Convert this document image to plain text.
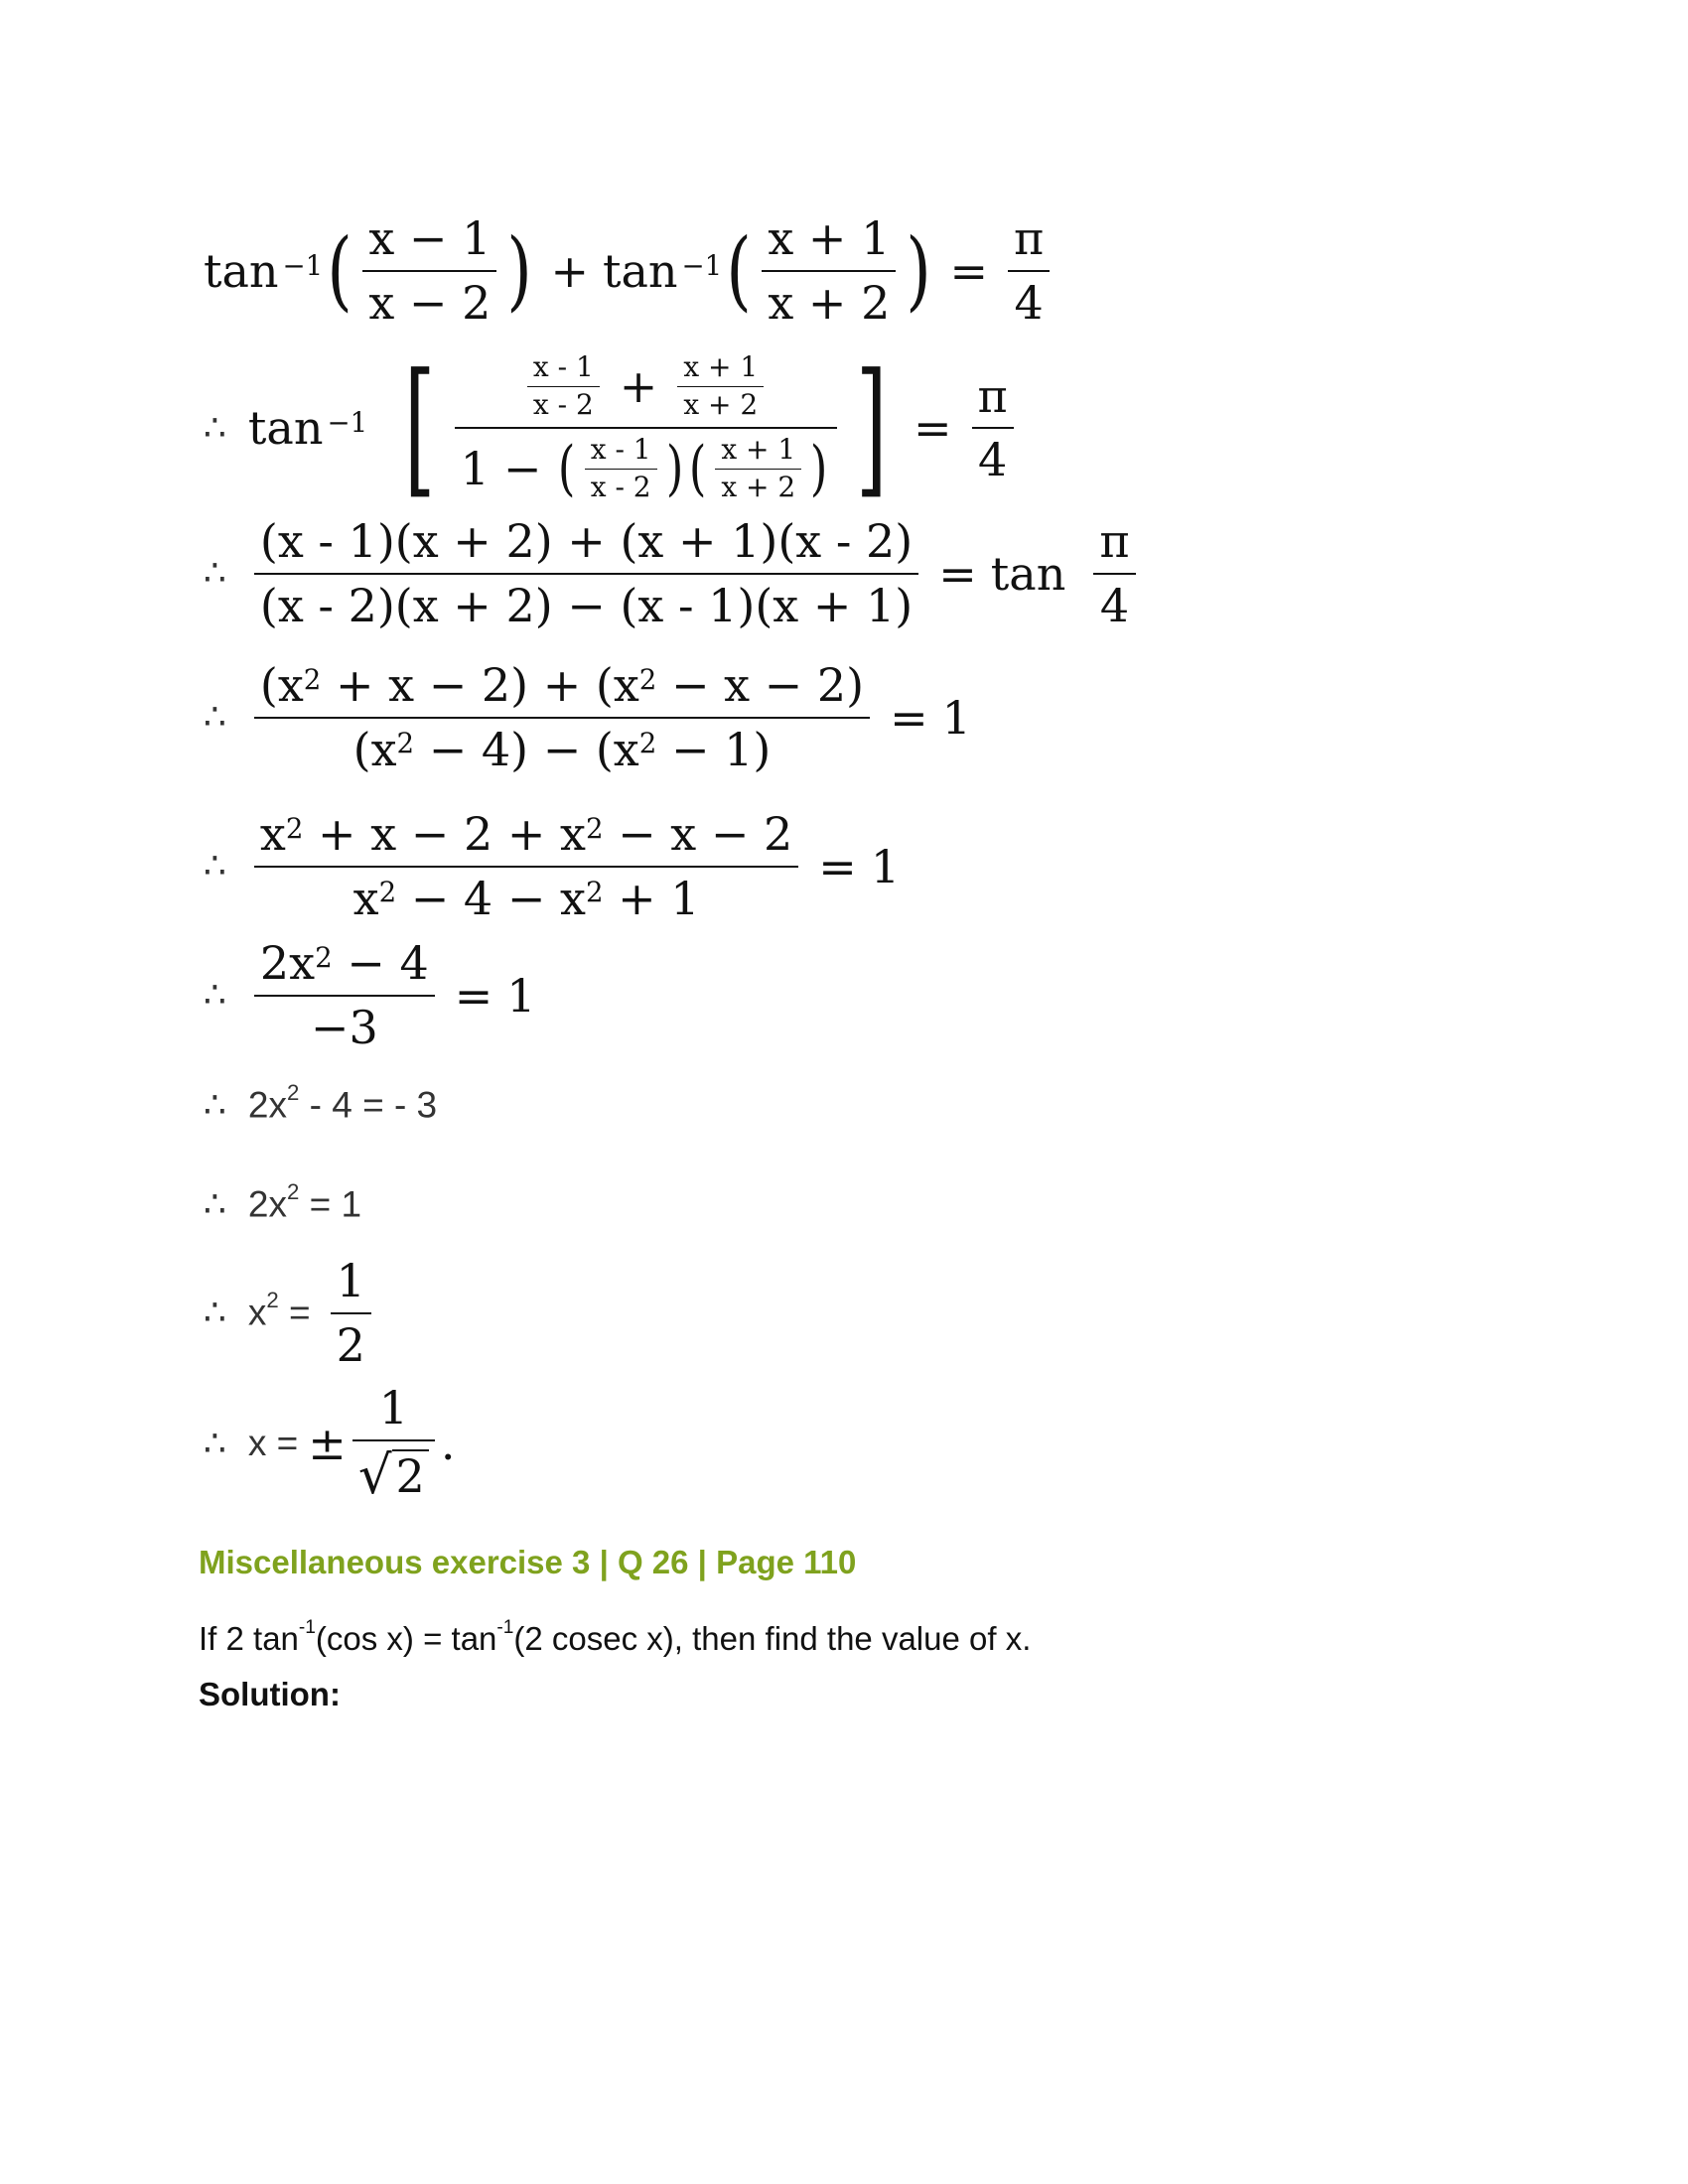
$\tan^{-1}$ ( $\frac{x - 1}{x - 2}$ ) + $\tan^{-1}$ ( $\frac{x + 1}{x + 2}$ ) = $\frac{\pi}{4}$
∴ $\tan^{-1}$ [	$\frac{x - 1}{x - 2} + \frac{x + 1}{x + 2}$
1 − ( $\frac{x - 1}{x - 2}$ ) ( $\frac{x + 1}{x + 2}$ ) ] = $\frac{\pi}{4}$
∴ $\frac{(x - 1)(x + 2) + (x + 1)(x - 2)}{(x - 2)(x + 2) - (x - 1)(x + 1)} = \tan \frac{\pi}{4}$
∴ $\frac{(x^2 + x - 2) + (x^2 - x - 2)}{(x^2 - 4) - (x^2 - 1)} = 1$
∴ $\frac{x^2 + x - 2 + x^2 - x - 2}{x^2 - 4 - x^2 + 1} = 1$
∴ $\frac{2x^2 - 4}{-3} = 1$
∴ $2x^2 - 4$ = - 3
∴ $2x^2 = 1$
∴ $x^2 = \frac{1}{2}$
∴ x = ± $\frac{1}{√ 2}$ .
Miscellaneous exercise 3 | Q 26 | Page 110
If 2 $\tan^{-1}(\cos$ $x) = \tan^{-1}(2$ cosec x), then find the value of x.
Solution:
